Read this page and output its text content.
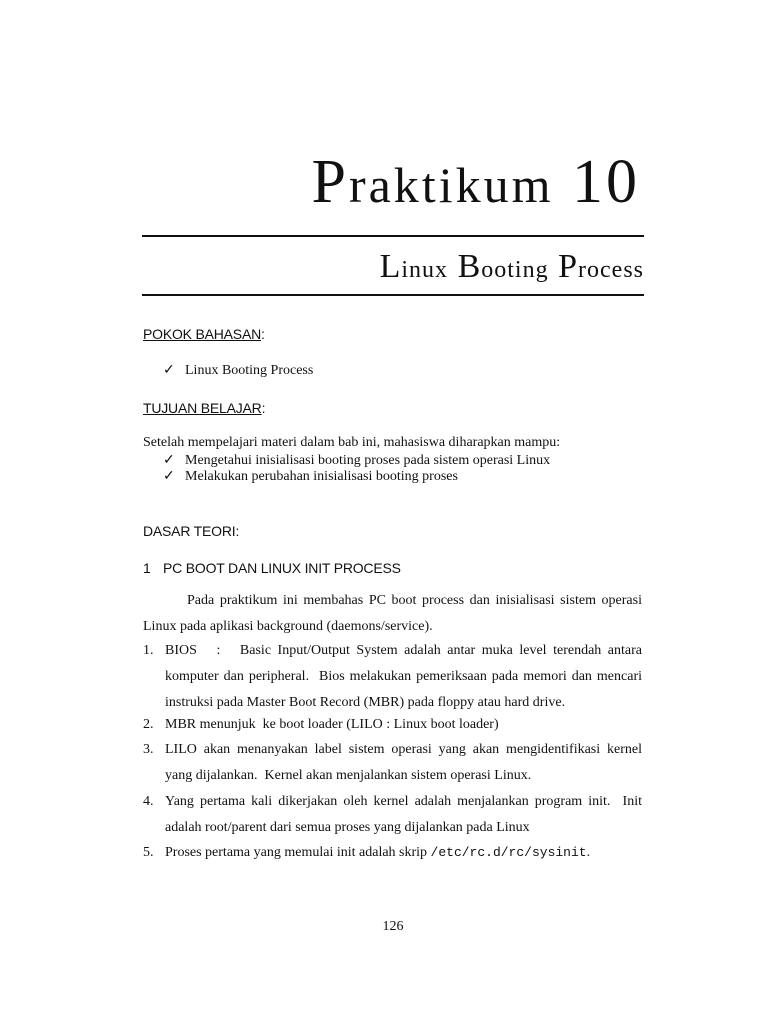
Praktikum 10
Linux Booting Process
POKOK BAHASAN:
✓ Linux Booting Process
TUJUAN BELAJAR:
Setelah mempelajari materi dalam bab ini, mahasiswa diharapkan mampu:
✓ Mengetahui inisialisasi booting proses pada sistem operasi Linux
✓ Melakukan perubahan inisialisasi booting proses
DASAR TEORI:
1 PC BOOT DAN LINUX INIT PROCESS
Pada praktikum ini membahas PC boot process dan inisialisasi sistem operasi Linux pada aplikasi background (daemons/service).
1. BIOS   :   Basic Input/Output System adalah antar muka level terendah antara komputer dan peripheral.  Bios melakukan pemeriksaan pada memori dan mencari instruksi pada Master Boot Record (MBR) pada floppy atau hard drive.
2. MBR menunjuk  ke boot loader (LILO : Linux boot loader)
3. LILO akan menanyakan label sistem operasi yang akan mengidentifikasi kernel yang dijalankan.  Kernel akan menjalankan sistem operasi Linux.
4. Yang pertama kali dikerjakan oleh kernel adalah menjalankan program init.  Init adalah root/parent dari semua proses yang dijalankan pada Linux
5. Proses pertama yang memulai init adalah skrip /etc/rc.d/rc/sysinit.
126
